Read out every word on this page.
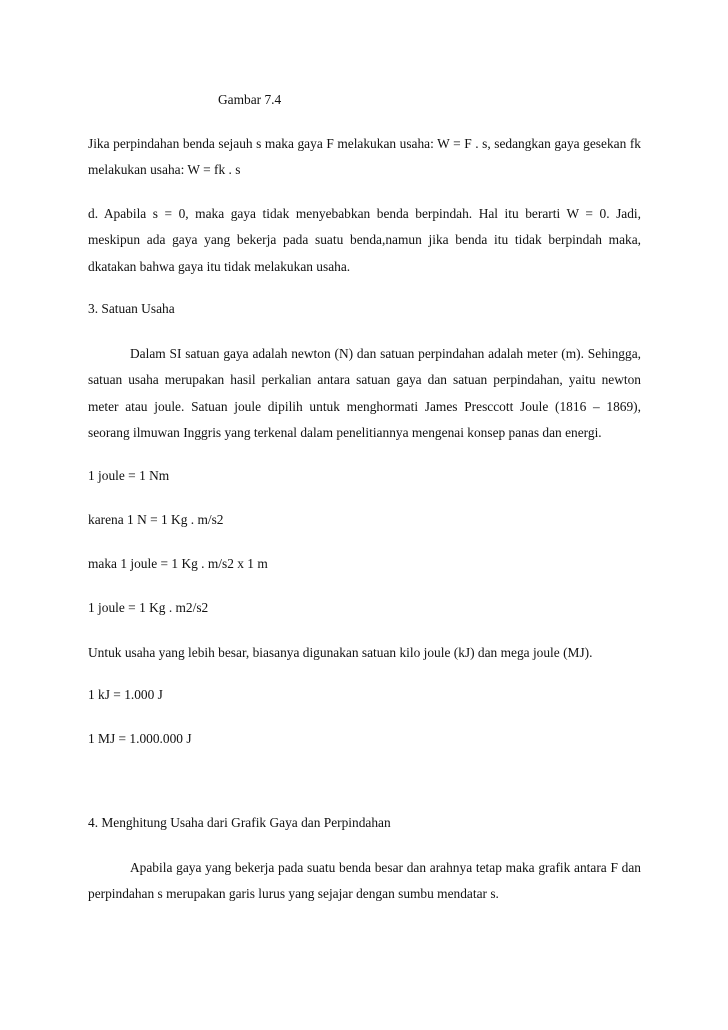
Gambar 7.4

Jika perpindahan benda sejauh s maka gaya F melakukan usaha: W = F . s, sedangkan gaya gesekan fk melakukan usaha: W = fk . s

d. Apabila s = 0, maka gaya tidak menyebabkan benda berpindah. Hal itu berarti W = 0. Jadi, meskipun ada gaya yang bekerja pada suatu benda,namun jika benda itu tidak berpindah maka, dkatakan bahwa gaya itu tidak melakukan usaha.

3. Satuan Usaha

Dalam SI satuan gaya adalah newton (N) dan satuan perpindahan adalah meter (m). Sehingga, satuan usaha merupakan hasil perkalian antara satuan gaya dan satuan perpindahan, yaitu newton meter atau joule. Satuan joule dipilih untuk menghormati James Presccott Joule (1816 – 1869), seorang ilmuwan Inggris yang terkenal dalam penelitiannya mengenai konsep panas dan energi.

1 joule = 1 Nm

karena 1 N = 1 Kg . m/s2

maka 1 joule = 1 Kg . m/s2 x 1 m

1 joule = 1 Kg . m2/s2

Untuk usaha yang lebih besar, biasanya digunakan satuan kilo joule (kJ) dan mega joule (MJ).

1 kJ = 1.000 J

1 MJ = 1.000.000 J

4. Menghitung Usaha dari Grafik Gaya dan Perpindahan

Apabila gaya yang bekerja pada suatu benda besar dan arahnya tetap maka grafik antara F dan perpindahan s merupakan garis lurus yang sejajar dengan sumbu mendatar s.
